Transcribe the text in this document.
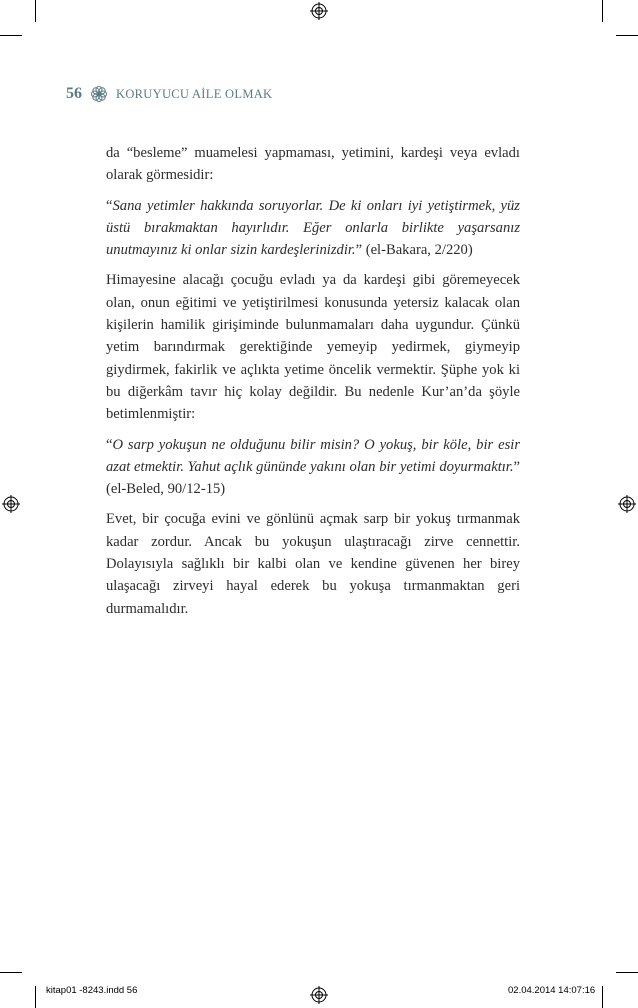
56	KORUYUCU AİLE OLMAK

da “besleme” muamelesi yapmaması, yetimini, kardeşi veya evladı olarak görmesidir:

“Sana yetimler hakkında soruyorlar. De ki onları iyi yetiştirmek, yüz üstü bırakmaktan hayırlıdır. Eğer onlarla birlikte yaşarsanız unutmayınız ki onlar sizin kardeşlerinizdir.” (el-Bakara, 2/220)

Himayesine alacağı çocuğu evladı ya da kardeşi gibi göremeyecek olan, onun eğitimi ve yetiştirilmesi konusunda yetersiz kalacak olan kişilerin hamilik girişiminde bulunmamaları daha uygundur. Çünkü yetim barındırmak gerektiğinde yemeyip yedirmek, giymeyip giydirmek, fakirlik ve açlıkta yetime öncelik vermektir. Şüphe yok ki bu diğerkâm tavır hiç kolay değildir. Bu nedenle Kur’an’da şöyle betimlenmiştir:

“O sarp yokuşun ne olduğunu bilir misin? O yokuş, bir köle, bir esir azat etmektir. Yahut açlık gününde yakını olan bir yetimi doyurmaktır.” (el-Beled, 90/12-15)

Evet, bir çocuğa evini ve gönlünü açmak sarp bir yokuş tırmanmak kadar zordur. Ancak bu yokuşun ulaştıracağı zirve cennettir. Dolayısıyla sağlıklı bir kalbi olan ve kendine güvenen her birey ulaşacağı zirveyi hayal ederek bu yokuşa tırmanmaktan geri durmamalıdır.

kitap01 -8243.indd 56	02.04.2014 14:07:16
